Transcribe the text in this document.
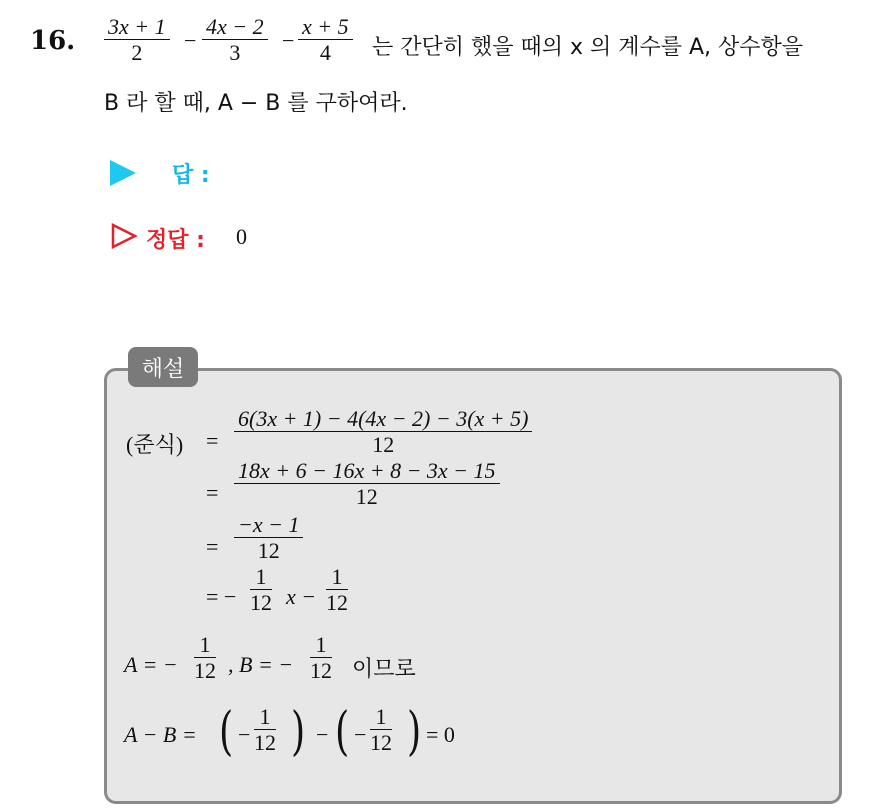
16. 3x + 1
2 −
4x − 2
3 −
x + 5
4 는 간단히 했을 때의 x 의 계수를 A, 상수항을
B 라 할 때, A − B 를 구하여라.
답 :
정답 : 0
해설
(준식) =
6(3x + 1) − 4(4x − 2) − 3(x + 5)
12
=
18x + 6 − 16x + 8 − 3x − 15
12
=
−x − 1
12
= −
1
12 x −
1
12
A = −
1
12 , B = −
1
12 이므로
A − B = ( −
1
12 ) − ( −
1
12 ) = 0
